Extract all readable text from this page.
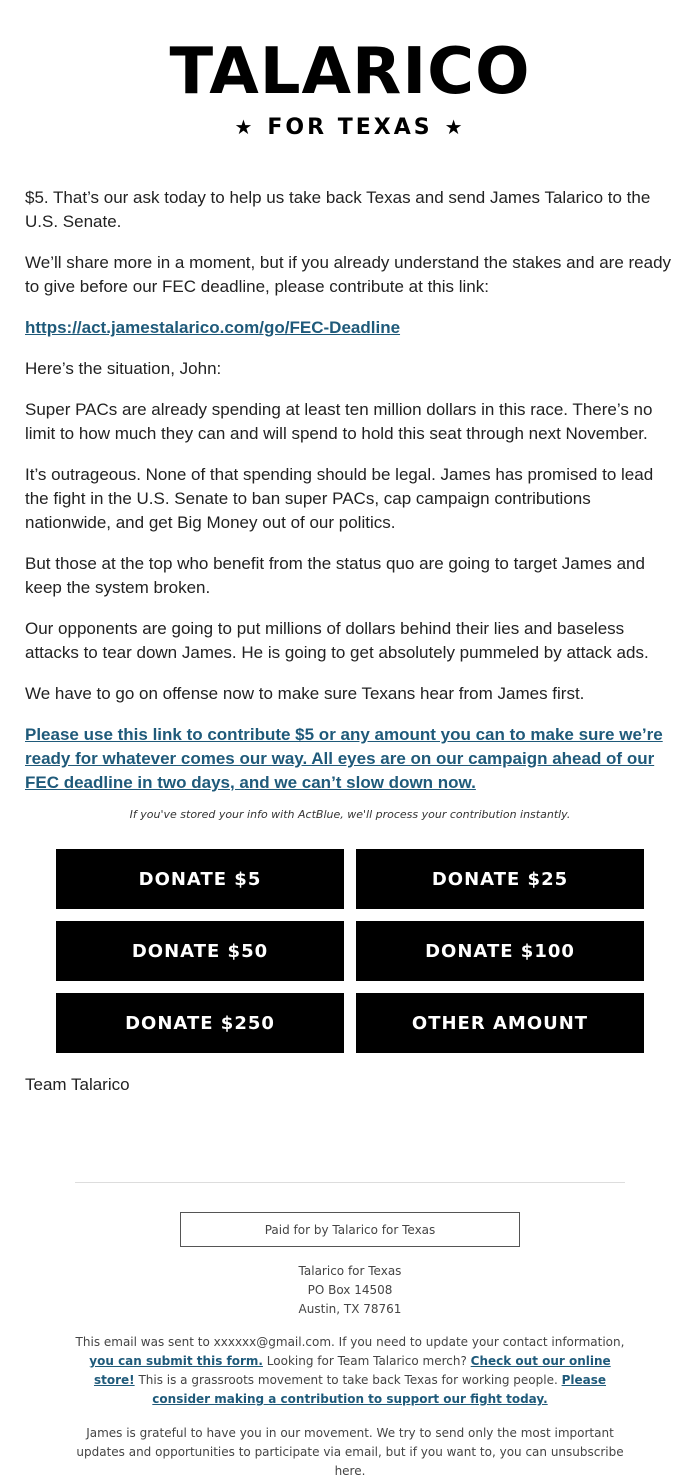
TALARICO
★ FOR TEXAS ★

$5. That’s our ask today to help us take back Texas and send James Talarico to the U.S. Senate.

We’ll share more in a moment, but if you already understand the stakes and are ready to give before our FEC deadline, please contribute at this link:

https://act.jamestalarico.com/go/FEC-Deadline

Here’s the situation, John:

Super PACs are already spending at least ten million dollars in this race. There’s no limit to how much they can and will spend to hold this seat through next November.

It’s outrageous. None of that spending should be legal. James has promised to lead the fight in the U.S. Senate to ban super PACs, cap campaign contributions nationwide, and get Big Money out of our politics.

But those at the top who benefit from the status quo are going to target James and keep the system broken.

Our opponents are going to put millions of dollars behind their lies and baseless attacks to tear down James. He is going to get absolutely pummeled by attack ads.

We have to go on offense now to make sure Texans hear from James first.

Please use this link to contribute $5 or any amount you can to make sure we’re ready for whatever comes our way. All eyes are on our campaign ahead of our FEC deadline in two days, and we can’t slow down now.

If you've stored your info with ActBlue, we'll process your contribution instantly.
DONATE $5	DONATE $25
DONATE $50	DONATE $100
DONATE $250	OTHER AMOUNT
Team Talarico
Paid for by Talarico for Texas
Talarico for Texas
PO Box 14508
Austin, TX 78761
This email was sent to xxxxxx@gmail.com. If you need to update your contact information, you can submit this form. Looking for Team Talarico merch? Check out our online store! This is a grassroots movement to take back Texas for working people. Please consider making a contribution to support our fight today.
James is grateful to have you in our movement. We try to send only the most important updates and opportunities to participate via email, but if you want to, you can unsubscribe here.
